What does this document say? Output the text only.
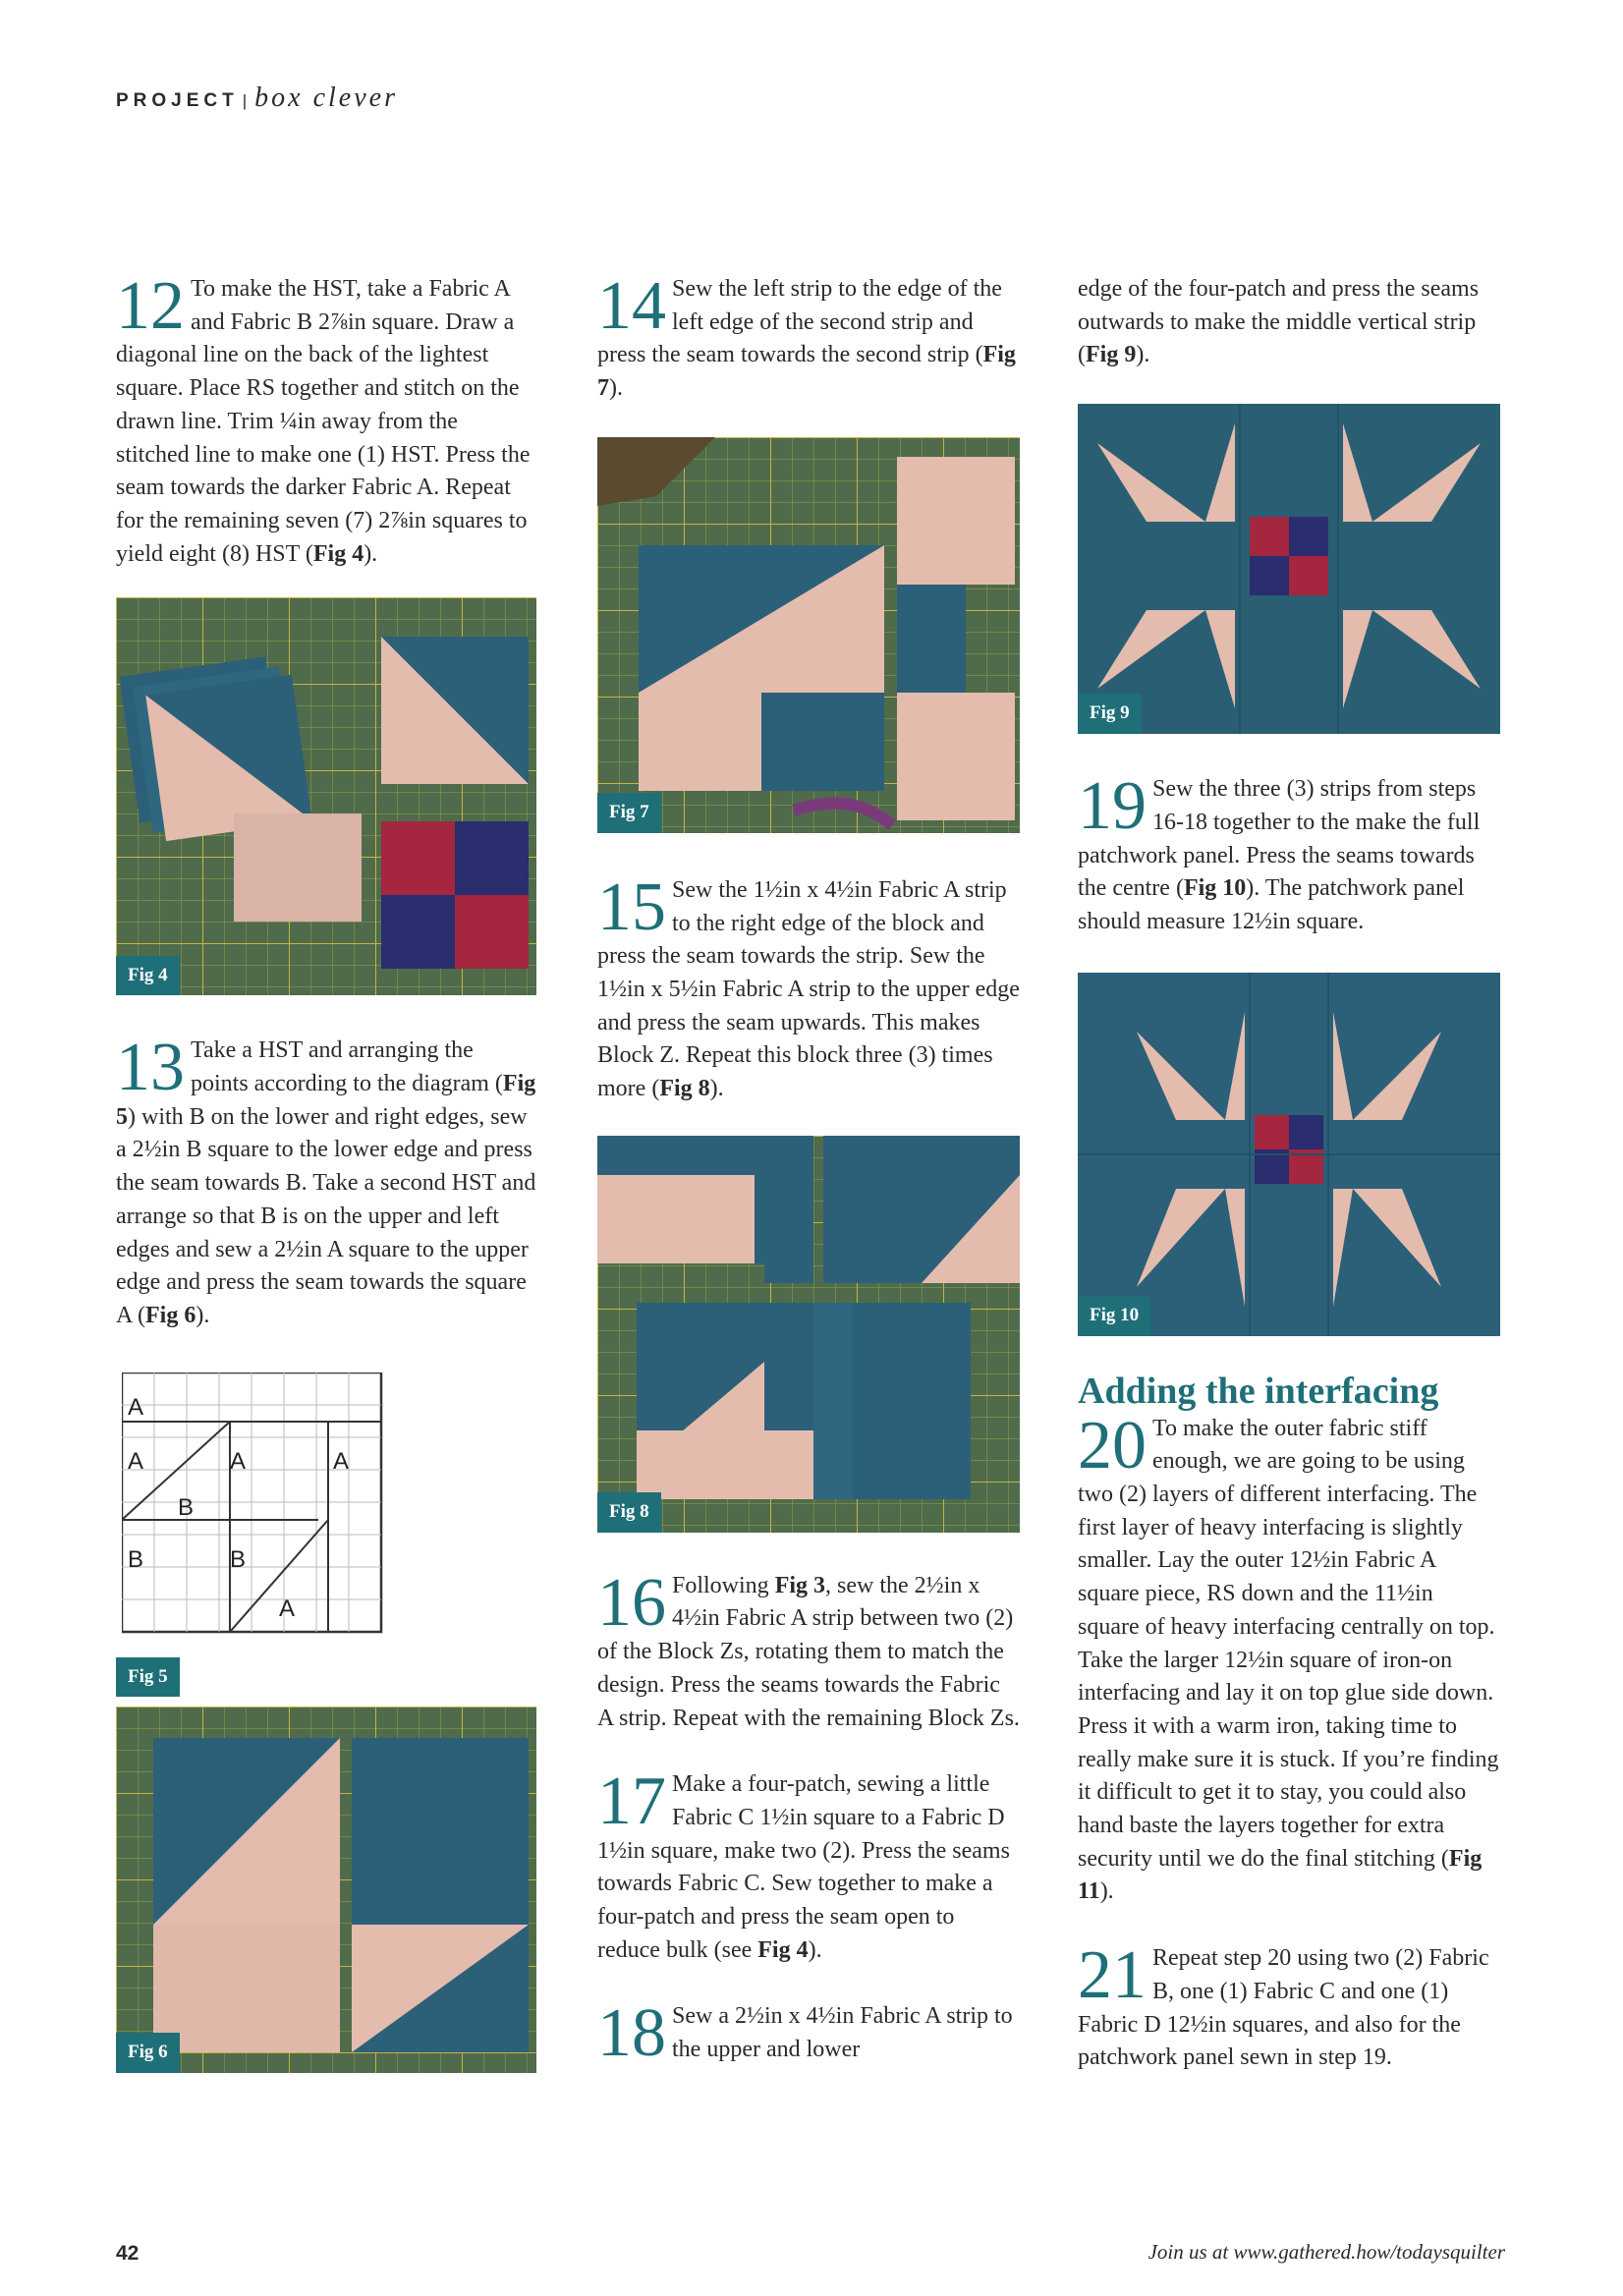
PROJECT | box clever
12 To make the HST, take a Fabric A and Fabric B 2⅞in square. Draw a diagonal line on the back of the lightest square. Place RS together and stitch on the drawn line. Trim ¼in away from the stitched line to make one (1) HST. Press the seam towards the darker Fabric A. Repeat for the remaining seven (7) 2⅞in squares to yield eight (8) HST (Fig 4).
Fig 4
13 Take a HST and arranging the points according to the diagram (Fig 5) with B on the lower and right edges, sew a 2½in B square to the lower edge and press the seam towards B. Take a second HST and arrange so that B is on the upper and left edges and sew a 2½in A square to the upper edge and press the seam towards the square A (Fig 6).
A
A	A	A
B
B	B
A
Fig 5
Fig 6
14 Sew the left strip to the edge of the left edge of the second strip and press the seam towards the second strip (Fig 7).
Fig 7
15 Sew the 1½in x 4½in Fabric A strip to the right edge of the block and press the seam towards the strip. Sew the 1½in x 5½in Fabric A strip to the upper edge and press the seam upwards. This makes Block Z. Repeat this block three (3) times more (Fig 8).
Fig 8
16 Following Fig 3, sew the 2½in x 4½in Fabric A strip between two (2) of the Block Zs, rotating them to match the design. Press the seams towards the Fabric A strip. Repeat with the remaining Block Zs.
17 Make a four-patch, sewing a little Fabric C 1½in square to a Fabric D 1½in square, make two (2). Press the seams towards Fabric C. Sew together to make a four-patch and press the seam open to reduce bulk (see Fig 4).
18 Sew a 2½in x 4½in Fabric A strip to the upper and lower
edge of the four-patch and press the seams outwards to make the middle vertical strip (Fig 9).
Fig 9
19 Sew the three (3) strips from steps 16-18 together to the make the full patchwork panel. Press the seams towards the centre (Fig 10). The patchwork panel should measure 12½in square.
Fig 10
Adding the interfacing
20 To make the outer fabric stiff enough, we are going to be using two (2) layers of different interfacing. The first layer of heavy interfacing is slightly smaller. Lay the outer 12½in Fabric A square piece, RS down and the 11½in square of heavy interfacing centrally on top. Take the larger 12½in square of iron-on interfacing and lay it on top glue side down. Press it with a warm iron, taking time to really make sure it is stuck. If you’re finding it difficult to get it to stay, you could also hand baste the layers together for extra security until we do the final stitching (Fig 11).
21 Repeat step 20 using two (2) Fabric B, one (1) Fabric C and one (1) Fabric D 12½in squares, and also for the patchwork panel sewn in step 19.
42	Join us at www.gathered.how/todaysquilter
